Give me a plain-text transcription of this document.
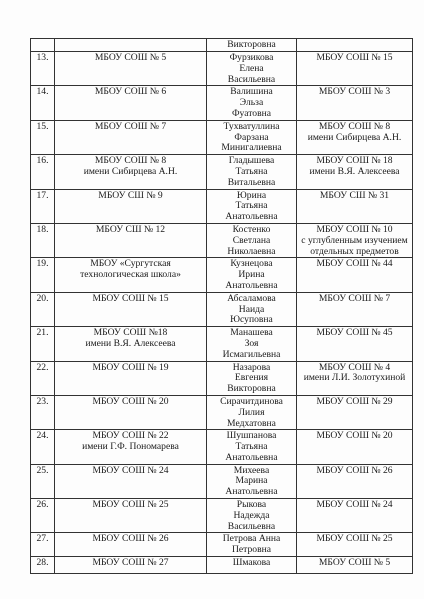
		Викторовна	

13.	МБОУ СОШ № 5	Фурзикова
Елена
Васильевна	МБОУ СОШ № 15

14.	МБОУ СОШ № 6	Валишина
Эльза
Фуатовна	МБОУ СОШ № 3

15.	МБОУ СОШ № 7	Тухватуллина
Фарзана
Минигалиевна	МБОУ СОШ № 8
имени Сибирцева А.Н.

16.	МБОУ СОШ № 8
имени Сибирцева А.Н.	Гладышева
Татьяна
Витальевна	МБОУ СОШ № 18
имени В.Я. Алексеева

17.	МБОУ СШ № 9	Юрина
Татьяна
Анатольевна	МБОУ СШ № 31

18.	МБОУ СШ № 12	Костенко
Светлана
Николаевна	МБОУ СОШ № 10
с углубленным изучением
отдельных предметов

19.	МБОУ «Сургутская
технологическая школа»	Кузнецова
Ирина
Анатольевна	МБОУ СОШ № 44

20.	МБОУ СОШ № 15	Абсаламова
Наида
Юсуповна	МБОУ СОШ № 7

21.	МБОУ СОШ №18
имени В.Я. Алексеева	Манашева
Зоя
Исмагильевна	МБОУ СОШ № 45

22.	МБОУ СОШ № 19	Назарова
Евгения
Викторовна	МБОУ СОШ № 4
имени Л.И. Золотухиной

23.	МБОУ СОШ № 20	Сирачитдинова
Лилия
Медхатовна	МБОУ СОШ № 29

24.	МБОУ СОШ № 22
имени Г.Ф. Пономарева	Шушпанова
Татьяна
Анатольевна	МБОУ СОШ № 20

25.	МБОУ СОШ № 24	Михеева
Марина
Анатольевна	МБОУ СОШ № 26

26.	МБОУ СОШ № 25	Рыкова
Надежда
Васильевна	МБОУ СОШ № 24

27.	МБОУ СОШ № 26	Петрова Анна
Петровна	МБОУ СОШ № 25

28.	МБОУ СОШ № 27	Шмакова	МБОУ СОШ № 5
